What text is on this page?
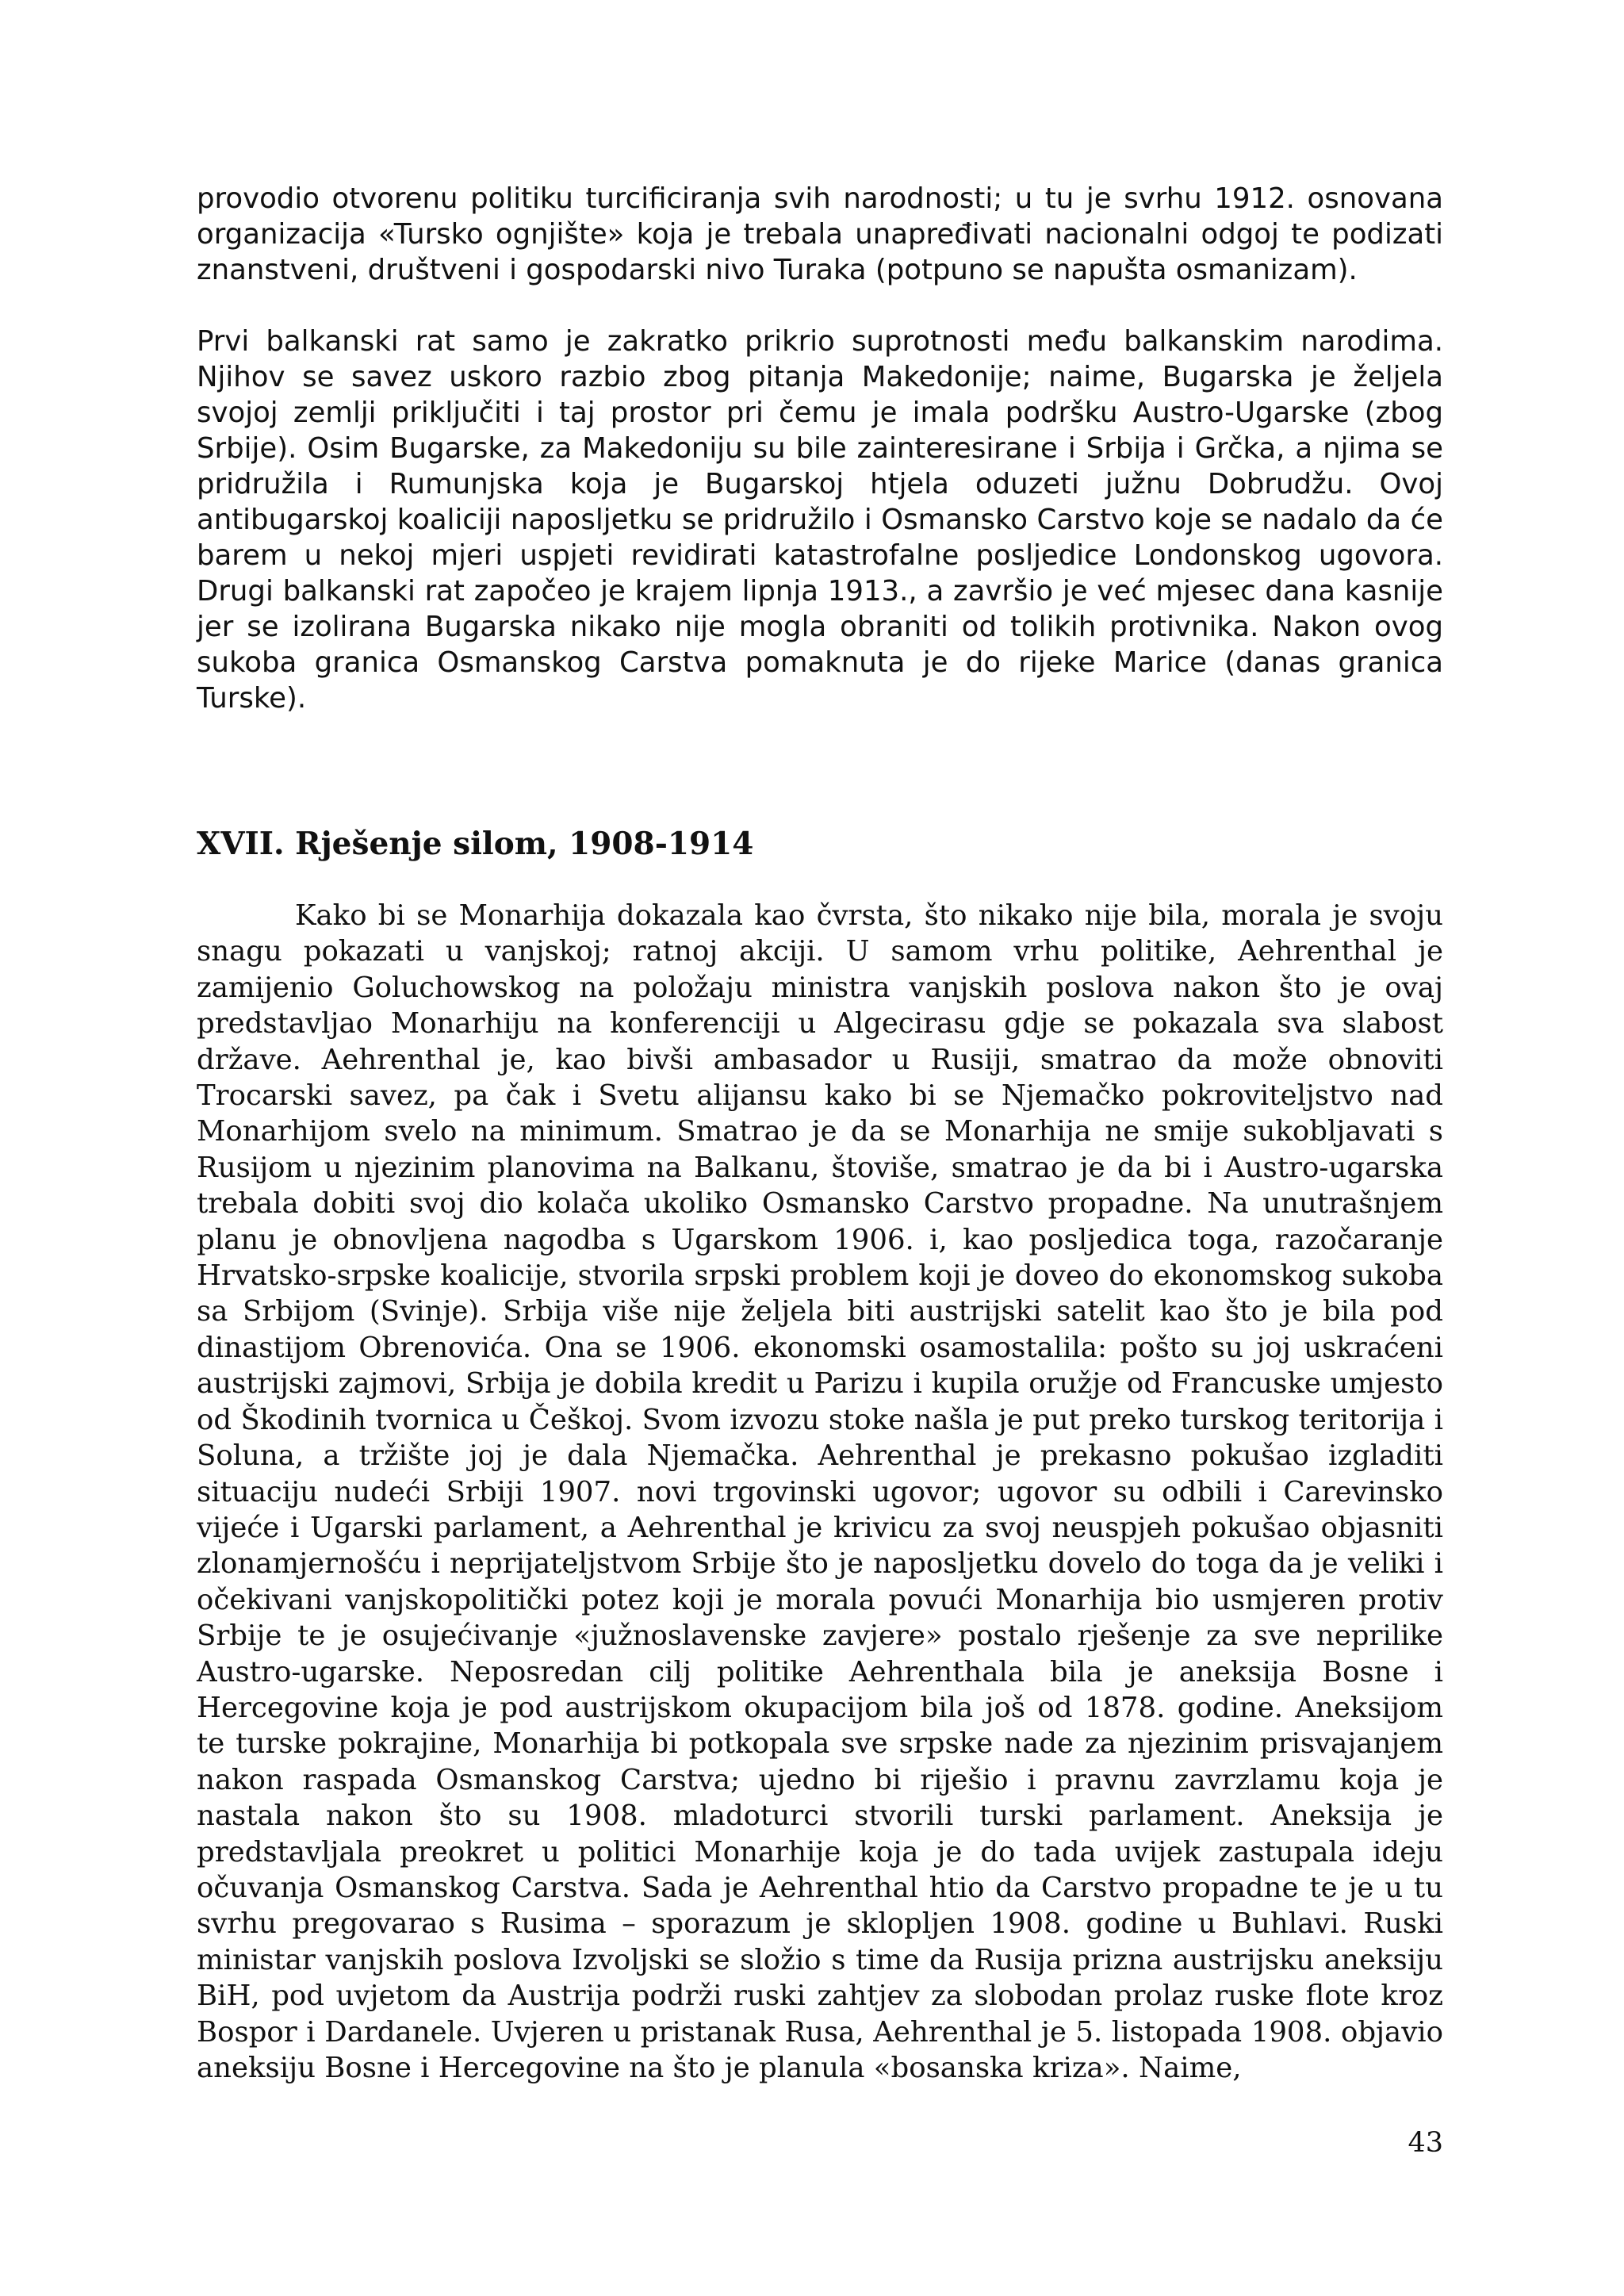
provodio otvorenu politiku turcificiranja svih narodnosti; u tu je svrhu 1912. osnovana organizacija «Tursko ognjište» koja je trebala unapređivati nacionalni odgoj te podizati znanstveni, društveni i gospodarski nivo Turaka (potpuno se napušta osmanizam).

Prvi balkanski rat samo je zakratko prikrio suprotnosti među balkanskim narodima. Njihov se savez uskoro razbio zbog pitanja Makedonije; naime, Bugarska je željela svojoj zemlji priključiti i taj prostor pri čemu je imala podršku Austro-Ugarske (zbog Srbije). Osim Bugarske, za Makedoniju su bile zainteresirane i Srbija i Grčka, a njima se pridružila i Rumunjska koja je Bugarskoj htjela oduzeti južnu Dobrudžu. Ovoj antibugarskoj koaliciji naposljetku se pridružilo i Osmansko Carstvo koje se nadalo da će barem u nekoj mjeri uspjeti revidirati katastrofalne posljedice Londonskog ugovora. Drugi balkanski rat započeo je krajem lipnja 1913., a završio je već mjesec dana kasnije jer se izolirana Bugarska nikako nije mogla obraniti od tolikih protivnika. Nakon ovog sukoba granica Osmanskog Carstva pomaknuta je do rijeke Marice (danas granica Turske).

XVII. Rješenje silom, 1908-1914

Kako bi se Monarhija dokazala kao čvrsta, što nikako nije bila, morala je svoju snagu pokazati u vanjskoj; ratnoj akciji. U samom vrhu politike, Aehrenthal je zamijenio Goluchowskog na položaju ministra vanjskih poslova nakon što je ovaj predstavljao Monarhiju na konferenciji u Algecirasu gdje se pokazala sva slabost države. Aehrenthal je, kao bivši ambasador u Rusiji, smatrao da može obnoviti Trocarski savez, pa čak i Svetu alijansu kako bi se Njemačko pokroviteljstvo nad Monarhijom svelo na minimum. Smatrao je da se Monarhija ne smije sukobljavati s Rusijom u njezinim planovima na Balkanu, štoviše, smatrao je da bi i Austro-ugarska trebala dobiti svoj dio kolača ukoliko Osmansko Carstvo propadne. Na unutrašnjem planu je obnovljena nagodba s Ugarskom 1906. i, kao posljedica toga, razočaranje Hrvatsko-srpske koalicije, stvorila srpski problem koji je doveo do ekonomskog sukoba sa Srbijom (Svinje). Srbija više nije željela biti austrijski satelit kao što je bila pod dinastijom Obrenovića. Ona se 1906. ekonomski osamostalila: pošto su joj uskraćeni austrijski zajmovi, Srbija je dobila kredit u Parizu i kupila oružje od Francuske umjesto od Škodinih tvornica u Češkoj. Svom izvozu stoke našla je put preko turskog teritorija i Soluna, a tržište joj je dala Njemačka. Aehrenthal je prekasno pokušao izgladiti situaciju nudeći Srbiji 1907. novi trgovinski ugovor; ugovor su odbili i Carevinsko vijeće i Ugarski parlament, a Aehrenthal je krivicu za svoj neuspjeh pokušao objasniti zlonamjernošću i neprijateljstvom Srbije što je naposljetku dovelo do toga da je veliki i očekivani vanjskopolitički potez koji je morala povući Monarhija bio usmjeren protiv Srbije te je osujećivanje «južnoslavenske zavjere» postalo rješenje za sve neprilike Austro-ugarske. Neposredan cilj politike Aehrenthala bila je aneksija Bosne i Hercegovine koja je pod austrijskom okupacijom bila još od 1878. godine. Aneksijom te turske pokrajine, Monarhija bi potkopala sve srpske nade za njezinim prisvajanjem nakon raspada Osmanskog Carstva; ujedno bi riješio i pravnu zavrzlamu koja je nastala nakon što su 1908. mladoturci stvorili turski parlament. Aneksija je predstavljala preokret u politici Monarhije koja je do tada uvijek zastupala ideju očuvanja Osmanskog Carstva. Sada je Aehrenthal htio da Carstvo propadne te je u tu svrhu pregovarao s Rusima – sporazum je sklopljen 1908. godine u Buhlavi. Ruski ministar vanjskih poslova Izvoljski se složio s time da Rusija prizna austrijsku aneksiju BiH, pod uvjetom da Austrija podrži ruski zahtjev za slobodan prolaz ruske flote kroz Bospor i Dardanele. Uvjeren u pristanak Rusa, Aehrenthal je 5. listopada 1908. objavio aneksiju Bosne i Hercegovine na što je planula «bosanska kriza». Naime,

43
